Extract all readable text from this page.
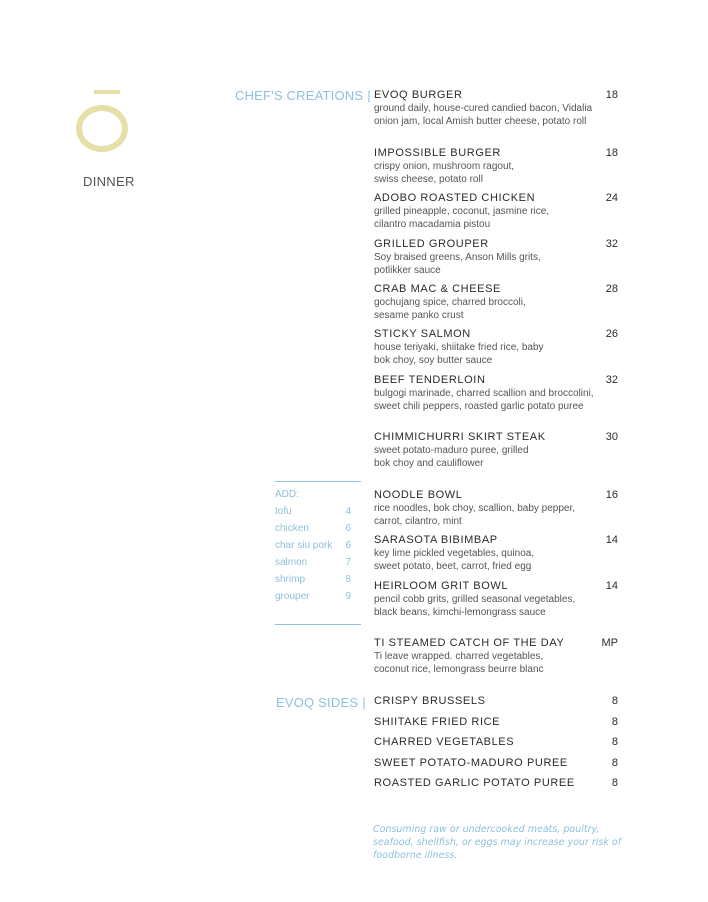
DINNER
CHEF'S CREATIONS |
EVOQ SIDES |
EVOQ BURGER
ground daily, house-cured candied bacon, Vidalia onion jam, local Amish butter cheese, potato roll
18
IMPOSSIBLE BURGER
crispy onion, mushroom ragout, swiss cheese, potato roll
18
ADOBO ROASTED CHICKEN
grilled pineapple, coconut, jasmine rice, cilantro macadamia pistou
24
GRILLED GROUPER
Soy braised greens, Anson Mills grits, potlikker sauce
32
CRAB MAC & CHEESE
gochujang spice, charred broccoli, sesame panko crust
28
STICKY SALMON
house teriyaki, shiitake fried rice, baby bok choy, soy butter sauce
26
BEEF TENDERLOIN
bulgogi marinade, charred scallion and broccolini, sweet chili peppers, roasted garlic potato puree
32
CHIMMICHURRI SKIRT STEAK
sweet potato-maduro puree, grilled bok choy and cauliflower
30
ADD:
tofu	4
chicken	6
char siu pork 6
salmon	7
shrimp	8
grouper	9
NOODLE BOWL
rice noodles, bok choy, scallion, baby pepper, carrot, cilantro, mint
16
SARASOTA BIBIMBAP
key lime pickled vegetables, quinoa, sweet potato, beet, carrot, fried egg
14
HEIRLOOM GRIT BOWL
pencil cobb grits, grilled seasonal vegetables, black beans, kimchi-lemongrass sauce
14
TI STEAMED CATCH OF THE DAY
Ti leave wrapped. charred vegetables, coconut rice, lemongrass beurre blanc
MP
CRISPY BRUSSELS	8
SHIITAKE FRIED RICE	8
CHARRED VEGETABLES	8
SWEET POTATO-MADURO PUREE	8
ROASTED GARLIC POTATO PUREE	8
Consuming raw or undercooked meats, poultry, seafood, shellfish, or eggs may increase your risk of foodborne illness.
